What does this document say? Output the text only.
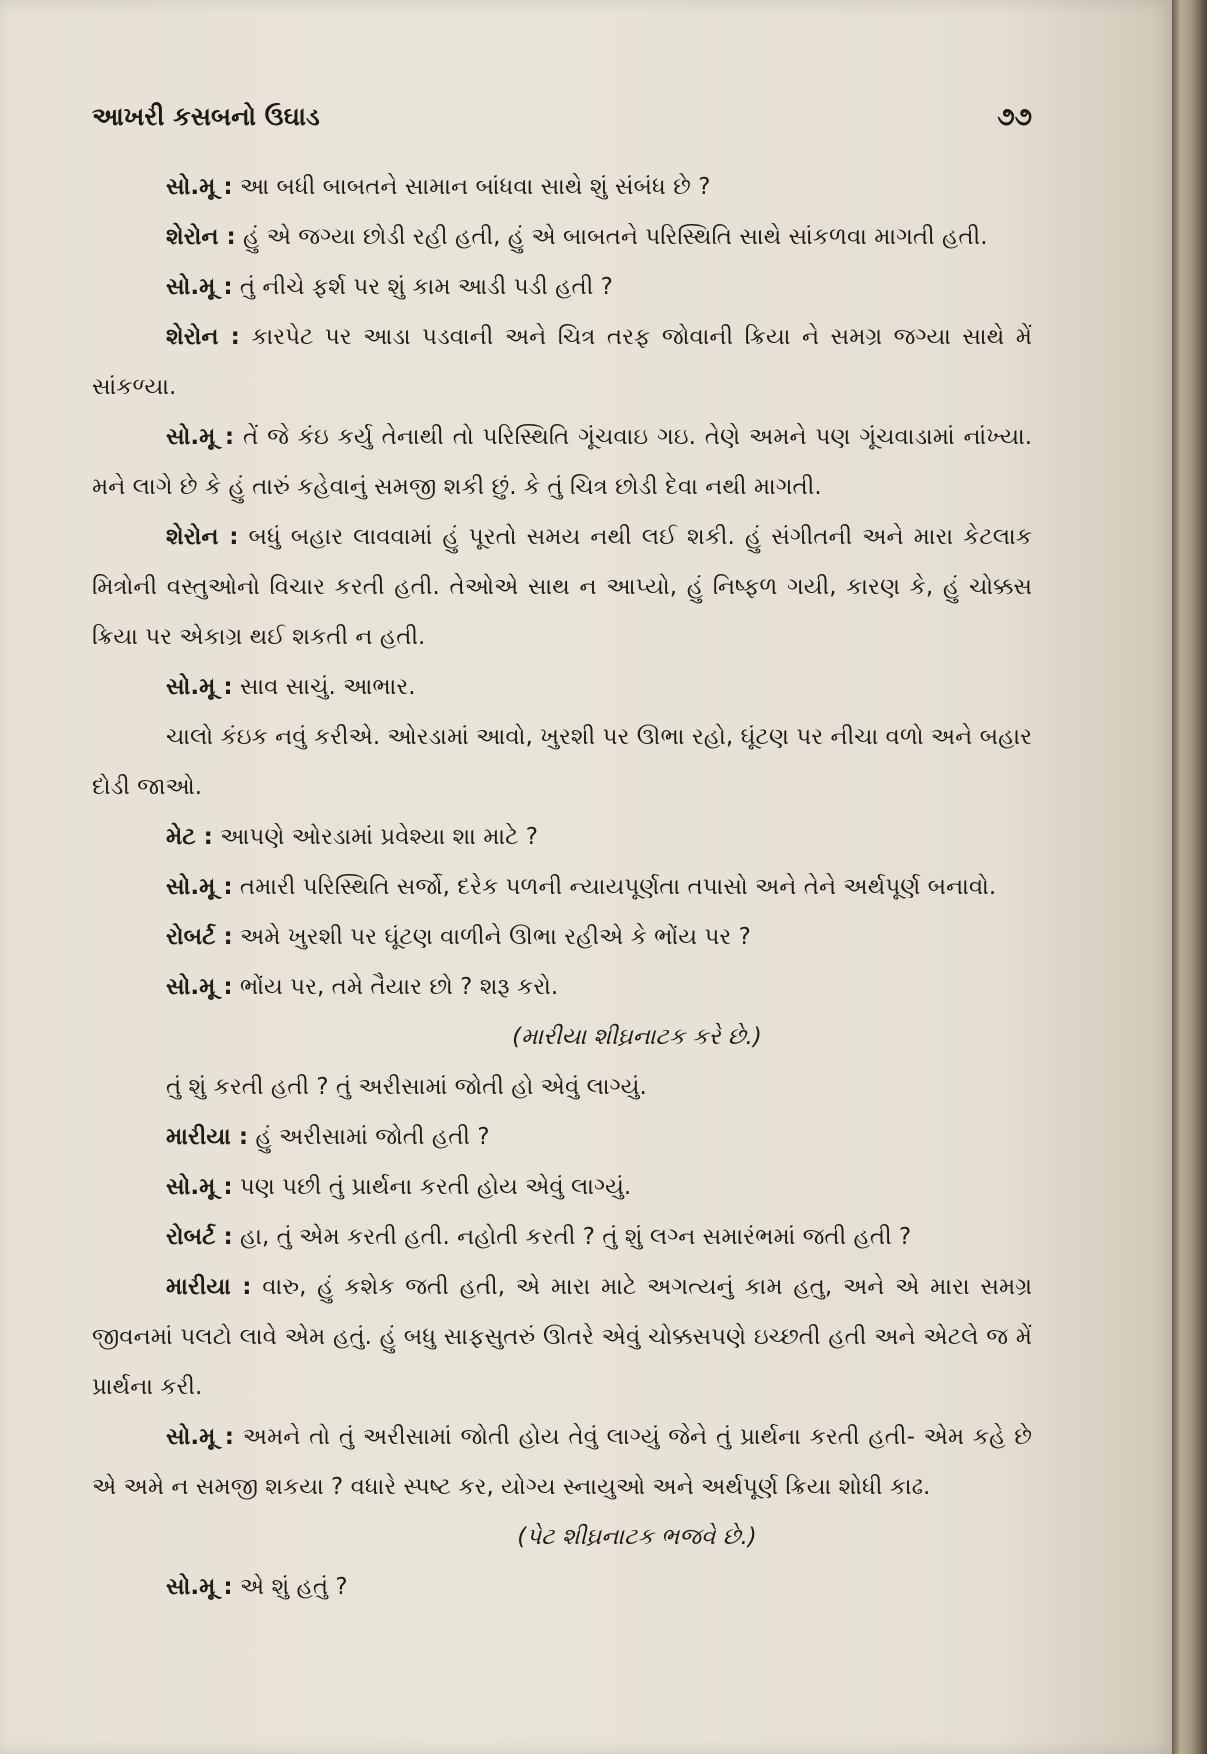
આખરી કસબનો ઉઘાડ	૭૭

સો.મૂ : આ બધી બાબતને સામાન બાંધવા સાથે શું સંબંધ છે ?

શેરોન : હું એ જગ્યા છોડી રહી હતી, હું એ બાબતને પરિસ્થિતિ સાથે સાંકળવા માગતી હતી.

સો.મૂ : તું નીચે ફર્શ પર શું કામ આડી પડી હતી ?

શેરોન : કારપેટ પર આડા પડવાની અને ચિત્ર તરફ જોવાની ક્રિયા ને સમગ્ર જગ્યા સાથે મેં સાંકળ્યા.

સો.મૂ : તેં જે કંઇ કર્યુ તેનાથી તો પરિસ્થિતિ ગૂંચવાઇ ગઇ. તેણે અમને પણ ગૂંચવાડામાં નાંખ્યા. મને લાગે છે કે હું તારું કહેવાનું સમજી શકી છું. કે તું ચિત્ર છોડી દેવા નથી માગતી.

શેરોન : બધું બહાર લાવવામાં હું પૂરતો સમય નથી લઈ શકી. હું સંગીતની અને મારા કેટલાક મિત્રોની વસ્તુઓનો વિચાર કરતી હતી. તેઓએ સાથ ન આપ્યો, હું નિષ્ફળ ગયી, કારણ કે, હું ચોક્કસ ક્રિયા પર એકાગ્ર થઈ શકતી ન હતી.

સો.મૂ : સાવ સાચું. આભાર.

ચાલો કંઇક નવું કરીએ. ઓરડામાં આવો, ખુરશી પર ઊભા રહો, ઘૂંટણ પર નીચા વળો અને બહાર દોડી જાઓ.

મેટ : આપણે ઓરડામાં પ્રવેશ્યા શા માટે ?

સો.મૂ : તમારી પરિસ્થિતિ સર્જો, દરેક પળની ન્યાયપૂર્ણતા તપાસો અને તેને અર્થપૂર્ણ બનાવો.

રોબર્ટ : અમે ખુરશી પર ઘૂંટણ વાળીને ઊભા રહીએ કે ભોંય પર ?

સો.મૂ : ભોંય પર, તમે તૈયાર છો ? શરૂ કરો.

(મારીયા શીઘ્રનાટક કરે છે.)

તું શું કરતી હતી ? તું અરીસામાં જોતી હો એવું લાગ્યું.

મારીયા : હું અરીસામાં જોતી હતી ?

સો.મૂ : પણ પછી તું પ્રાર્થના કરતી હોય એવું લાગ્યું.

રોબર્ટ : હા, તું એમ કરતી હતી. નહોતી કરતી ? તું શું લગ્ન સમારંભમાં જતી હતી ?

મારીયા : વારુ, હું કશેક જતી હતી, એ મારા માટે અગત્યનું કામ હતુ, અને એ મારા સમગ્ર જીવનમાં પલટો લાવે એમ હતું. હું બધુ સાફસુતરું ઊતરે એવું ચોક્કસપણે ઇચ્છતી હતી અને એટલે જ મેં પ્રાર્થના કરી.

સો.મૂ : અમને તો તું અરીસામાં જોતી હોય તેવું લાગ્યું જેને તું પ્રાર્થના કરતી હતી- એમ કહે છે એ અમે ન સમજી શકયા ? વધારે સ્પષ્ટ કર, યોગ્ય સ્નાયુઓ અને અર્થપૂર્ણ ક્રિયા શોધી કાઢ.

(પેટ શીઘ્રનાટક ભજવે છે.)

સો.મૂ : એ શું હતું ?
